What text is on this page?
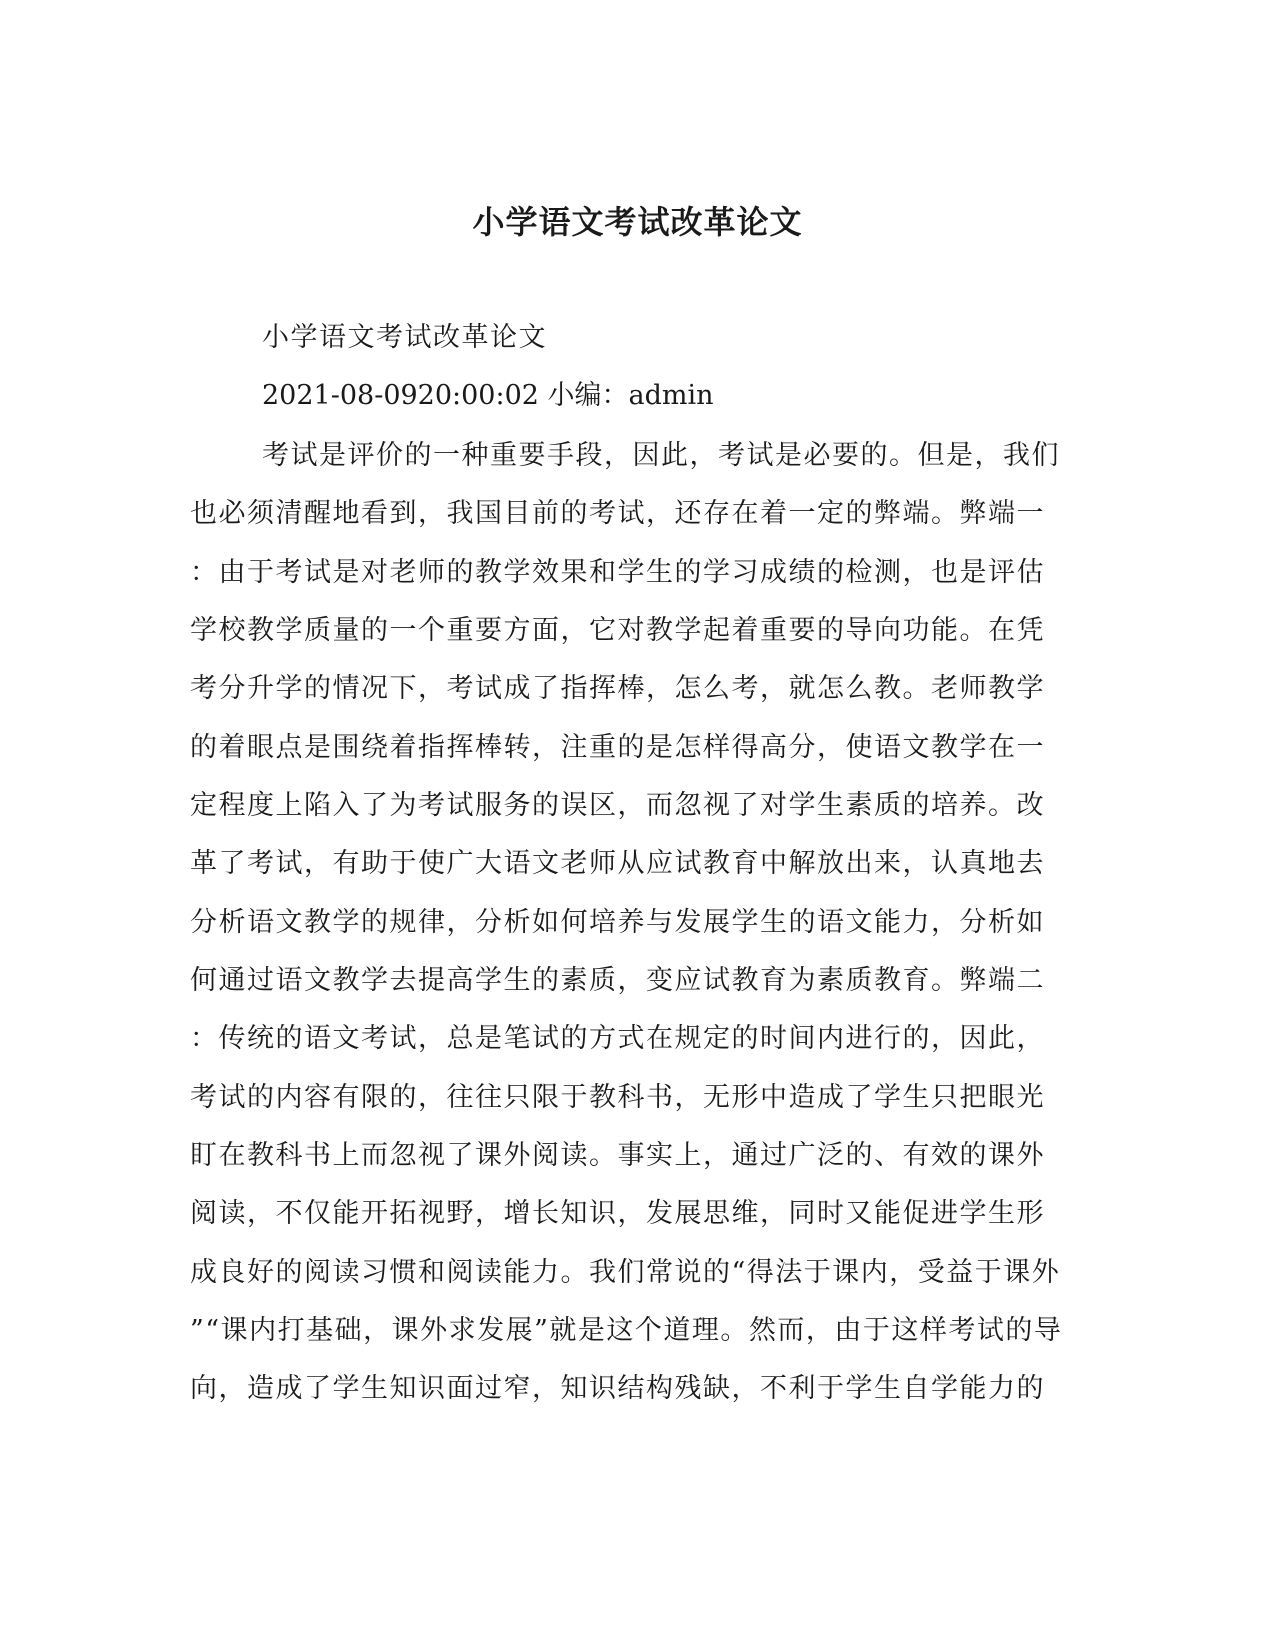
小学语文考试改革论文
小学语文考试改革论文
2021-08-0920:00:02 小编：admin
考试是评价的一种重要手段，因此，考试是必要的。但是，我们
也必须清醒地看到，我国目前的考试，还存在着一定的弊端。弊端一
：由于考试是对老师的教学效果和学生的学习成绩的检测，也是评估
学校教学质量的一个重要方面，它对教学起着重要的导向功能。在凭
考分升学的情况下，考试成了指挥棒，怎么考，就怎么教。老师教学
的着眼点是围绕着指挥棒转，注重的是怎样得高分，使语文教学在一
定程度上陷入了为考试服务的误区，而忽视了对学生素质的培养。改
革了考试，有助于使广大语文老师从应试教育中解放出来，认真地去
分析语文教学的规律，分析如何培养与发展学生的语文能力，分析如
何通过语文教学去提高学生的素质，变应试教育为素质教育。弊端二
：传统的语文考试，总是笔试的方式在规定的时间内进行的，因此，
考试的内容有限的，往往只限于教科书，无形中造成了学生只把眼光
盯在教科书上而忽视了课外阅读。事实上，通过广泛的、有效的课外
阅读，不仅能开拓视野，增长知识，发展思维，同时又能促进学生形
成良好的阅读习惯和阅读能力。我们常说的“得法于课内，受益于课外
”“课内打基础，课外求发展”就是这个道理。然而，由于这样考试的导
向，造成了学生知识面过窄，知识结构残缺，不利于学生自学能力的
